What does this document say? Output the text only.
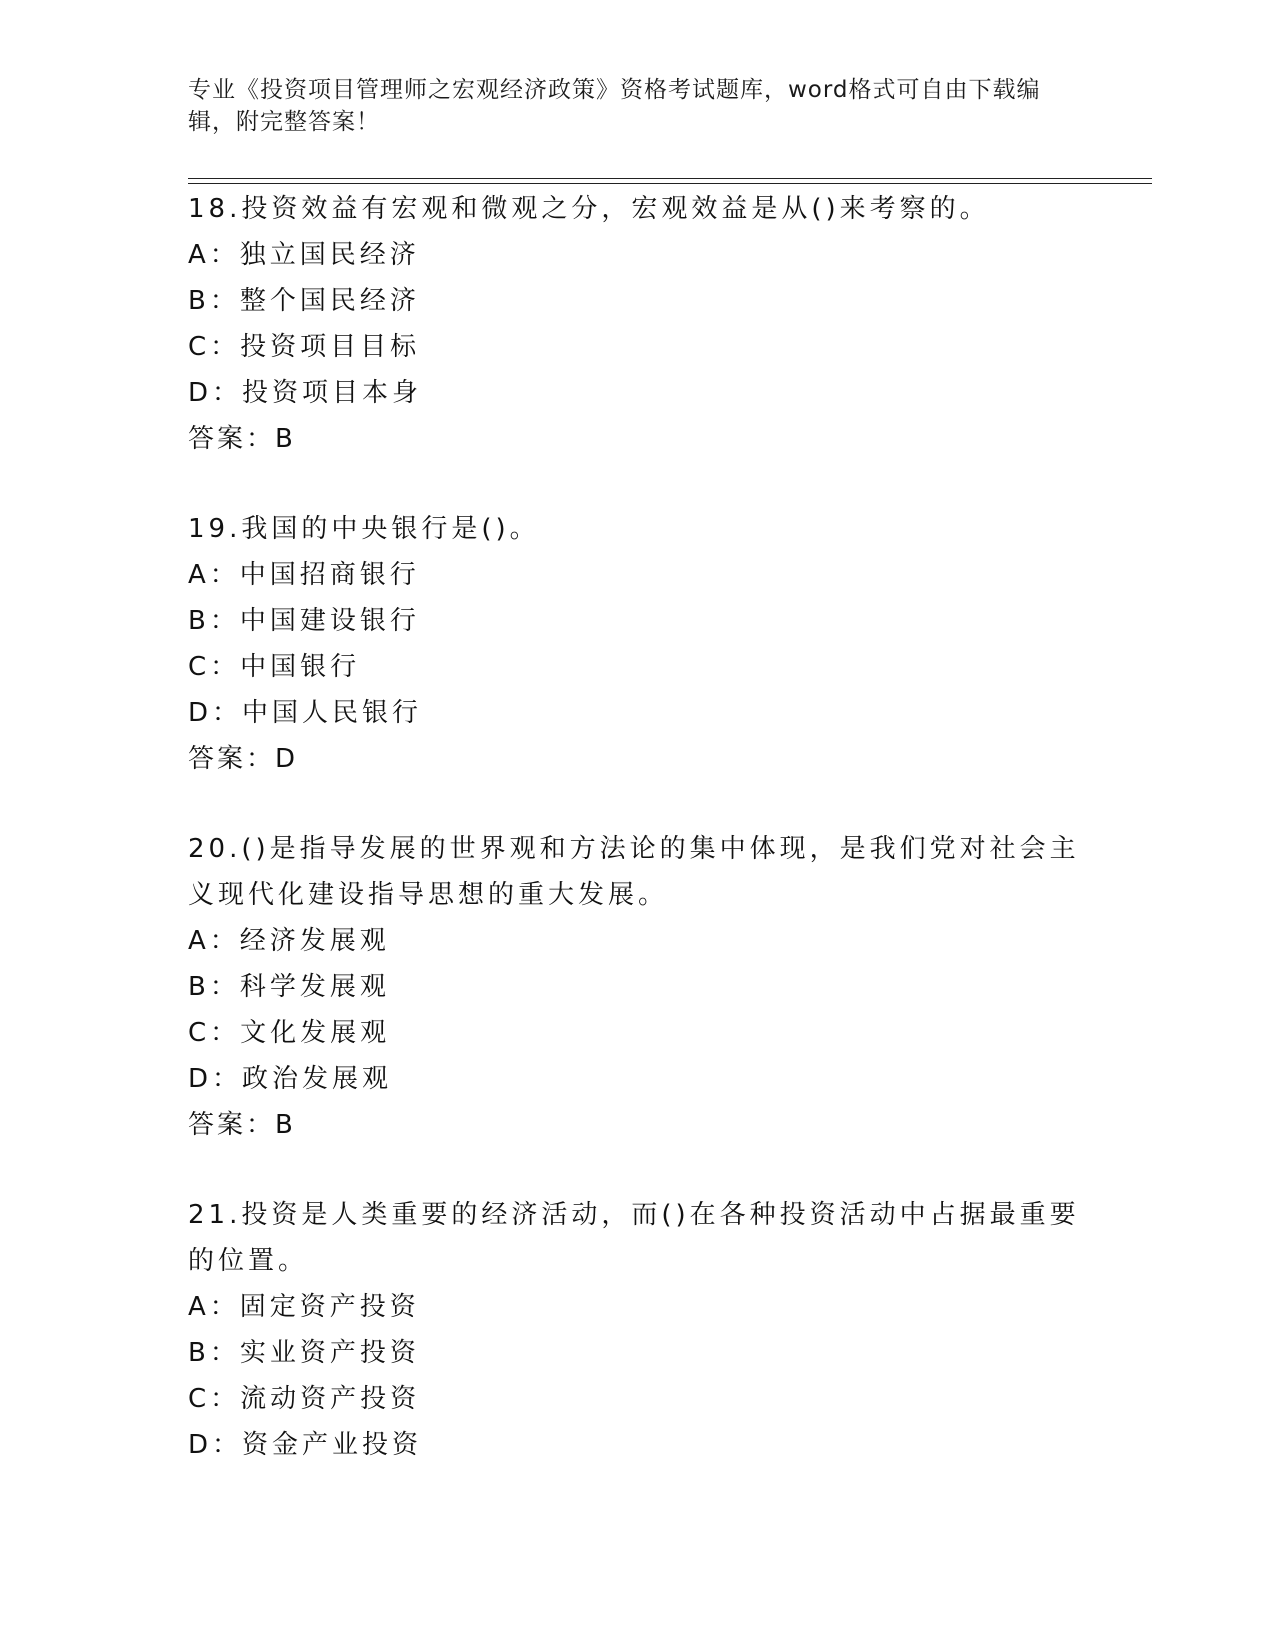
专业《投资项目管理师之宏观经济政策》资格考试题库，word格式可自由下载编辑，附完整答案！
18.投资效益有宏观和微观之分，宏观效益是从()来考察的。
A：独立国民经济
B：整个国民经济
C：投资项目目标
D：投资项目本身
答案：B
19.我国的中央银行是()。
A：中国招商银行
B：中国建设银行
C：中国银行
D：中国人民银行
答案：D
20.()是指导发展的世界观和方法论的集中体现，是我们党对社会主义现代化建设指导思想的重大发展。
A：经济发展观
B：科学发展观
C：文化发展观
D：政治发展观
答案：B
21.投资是人类重要的经济活动，而()在各种投资活动中占据最重要的位置。
A：固定资产投资
B：实业资产投资
C：流动资产投资
D：资金产业投资
